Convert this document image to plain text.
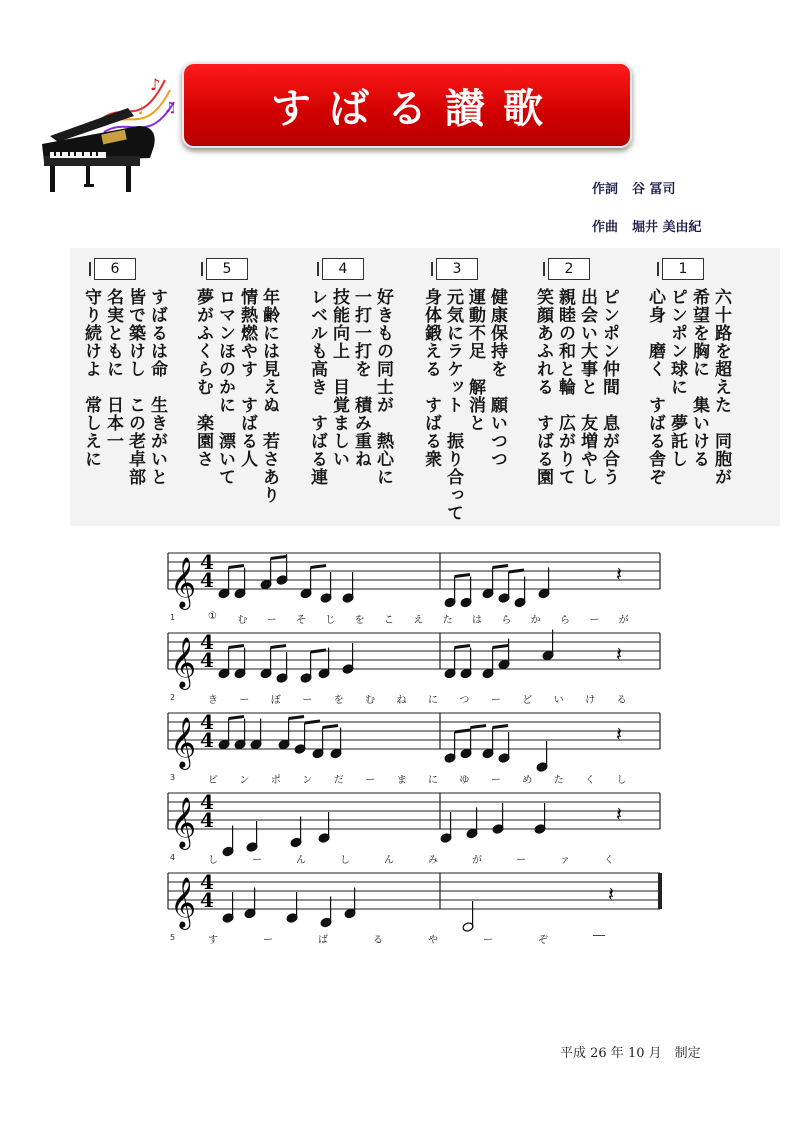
♪
♫
♩	すばる讃歌
作詞 谷 冨司
作曲 堀井 美由紀
1
六十路を超えた　同胞が
希望を胸に　集いける
ピンポン球に　夢託し
心身　磨く　すばる舎ぞ
2
ピンポン仲間　息が合う
出会い大事と　友増やし
親睦の和と輪　広がりて
笑顔あふれる　すばる園
3
健康保持を　願いつつ
運動不足　解消と
元気にラケット　振り合って
身体鍛える　すばる衆
4
好きもの同士が　熱心に
一打一打を　積み重ね
技能向上　目覚ましい
レベルも高き　すばる連
5
年齢には見えぬ　若さあり
情熱燃やす　すばる人
ロマンほのかに　漂いて
夢がふくらむ　楽園さ
6
すばるは命　生きがいと
皆で築けし　この老卓部
名実ともに　日本一
守り続けよ　常しえに
𝄞 4
4	𝄽
1	① む ー そ じ を こ え た は ら か ら ー が
𝄞 4
4	𝄽
2	き ー ぼ ー を む ね に つ ー ど い け る
𝄞 4
4	𝄽
3	ピ ン ポ ン だ ー ま に ゆ ー め た く し
𝄞 4
4	𝄽
4	し	ー	ん	し	ん	み	が	ー	ァ	く
𝄞 4
4	𝄽
5	す	ー	ば	る	や	ー	ぞ	──
平成 26 年 10 月　制定
